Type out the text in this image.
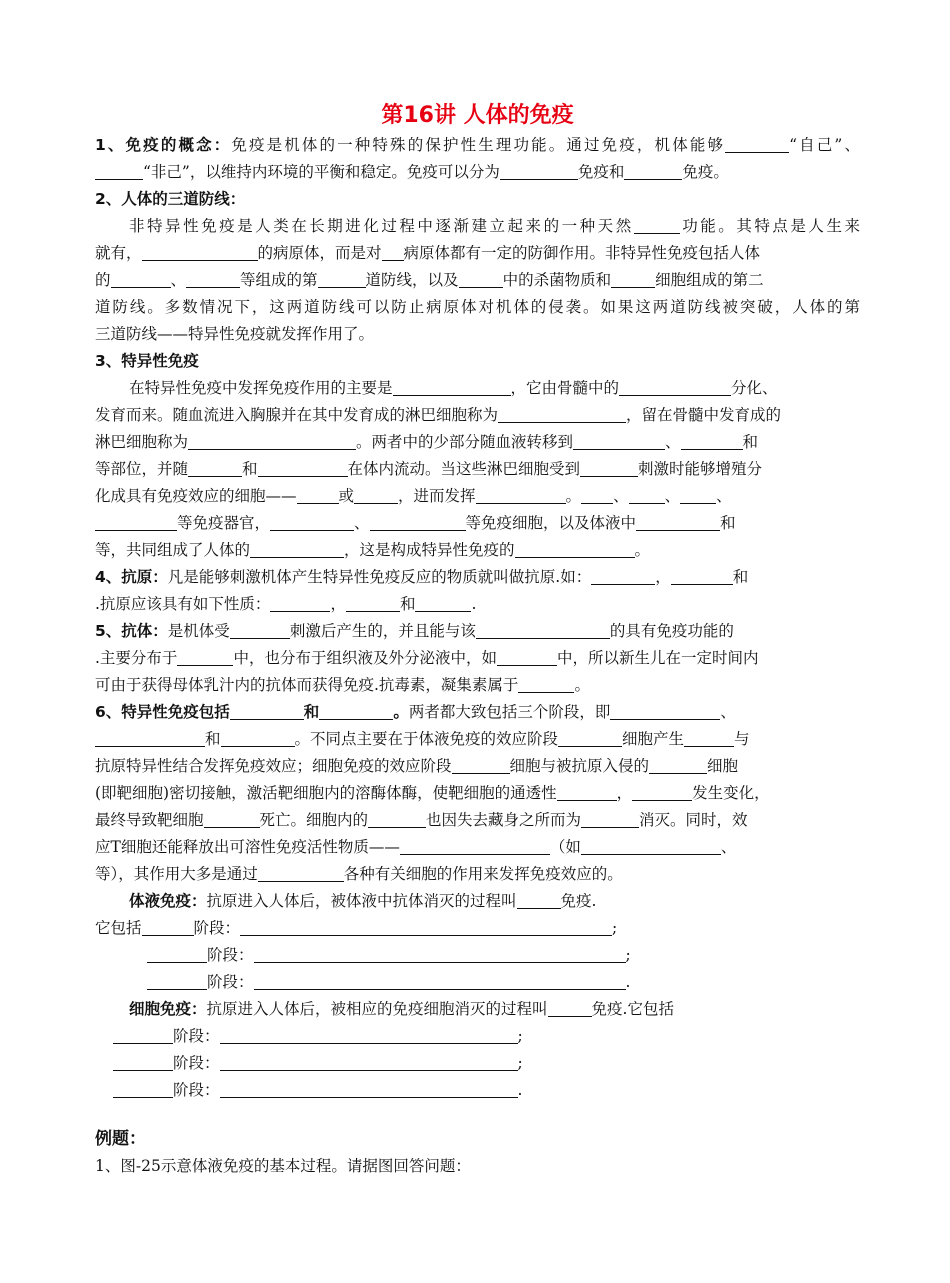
第16讲 人体的免疫
1、免疫的概念：免疫是机体的一种特殊的保护性生理功能。通过免疫，机体能够	“自己”、
“非己”，以维持内环境的平衡和稳定。免疫可以分为	免疫和	免疫。
2、人体的三道防线：
非特异性免疫是人类在长期进化过程中逐渐建立起来的一种天然	功能。其特点是人生来
就有，	的病原体，而是对 病原体都有一定的防御作用。非特异性免疫包括人体
的	、	等组成的第	道防线，以及	中的杀菌物质和	细胞组成的第二
道防线。多数情况下，这两道防线可以防止病原体对机体的侵袭。如果这两道防线被突破，人体的第
三道防线——特异性免疫就发挥作用了。
3、特异性免疫
在特异性免疫中发挥免疫作用的主要是	，它由骨髓中的	分化、
发育而来。随血流进入胸腺并在其中发育成的淋巴细胞称为	，留在骨髓中发育成的
淋巴细胞称为	。两者中的少部分随血液转移到	、	和
等部位，并随	和	在体内流动。当这些淋巴细胞受到	刺激时能够增殖分
化成具有免疫效应的细胞——	或	，进而发挥	。 、 、 、
等免疫器官，	、	等免疫细胞，以及体液中	和
等，共同组成了人体的	，这是构成特异性免疫的	。
4、抗原：凡是能够刺激机体产生特异性免疫反应的物质就叫做抗原.如：	，	和
.抗原应该具有如下性质：	，	和	.
5、抗体：是机体受	刺激后产生的，并且能与该	的具有免疫功能的
.主要分布于	中，也分布于组织液及外分泌液中，如	中，所以新生儿在一定时间内
可由于获得母体乳汁内的抗体而获得免疫.抗毒素，凝集素属于	。
6、特异性免疫包括	和	。两者都大致包括三个阶段，即	、
和	。不同点主要在于体液免疫的效应阶段	细胞产生	与
抗原特异性结合发挥免疫效应；细胞免疫的效应阶段	细胞与被抗原入侵的	细胞
(即靶细胞)密切接触，激活靶细胞内的溶酶体酶，使靶细胞的通透性	，	发生变化，
最终导致靶细胞	死亡。细胞内的	也因失去藏身之所而为	消灭。同时，效
应T细胞还能释放出可溶性免疫活性物质——	（如	、
等），其作用大多是通过	各种有关细胞的作用来发挥免疫效应的。
体液免疫：抗原进入人体后，被体液中抗体消灭的过程叫	免疫.
它包括	阶段：	;
阶段：	;
阶段：	.
细胞免疫：抗原进入人体后，被相应的免疫细胞消灭的过程叫	免疫.它包括
阶段：	;
阶段：	;
阶段：	.
例题：
1、图-25示意体液免疫的基本过程。请据图回答问题：
